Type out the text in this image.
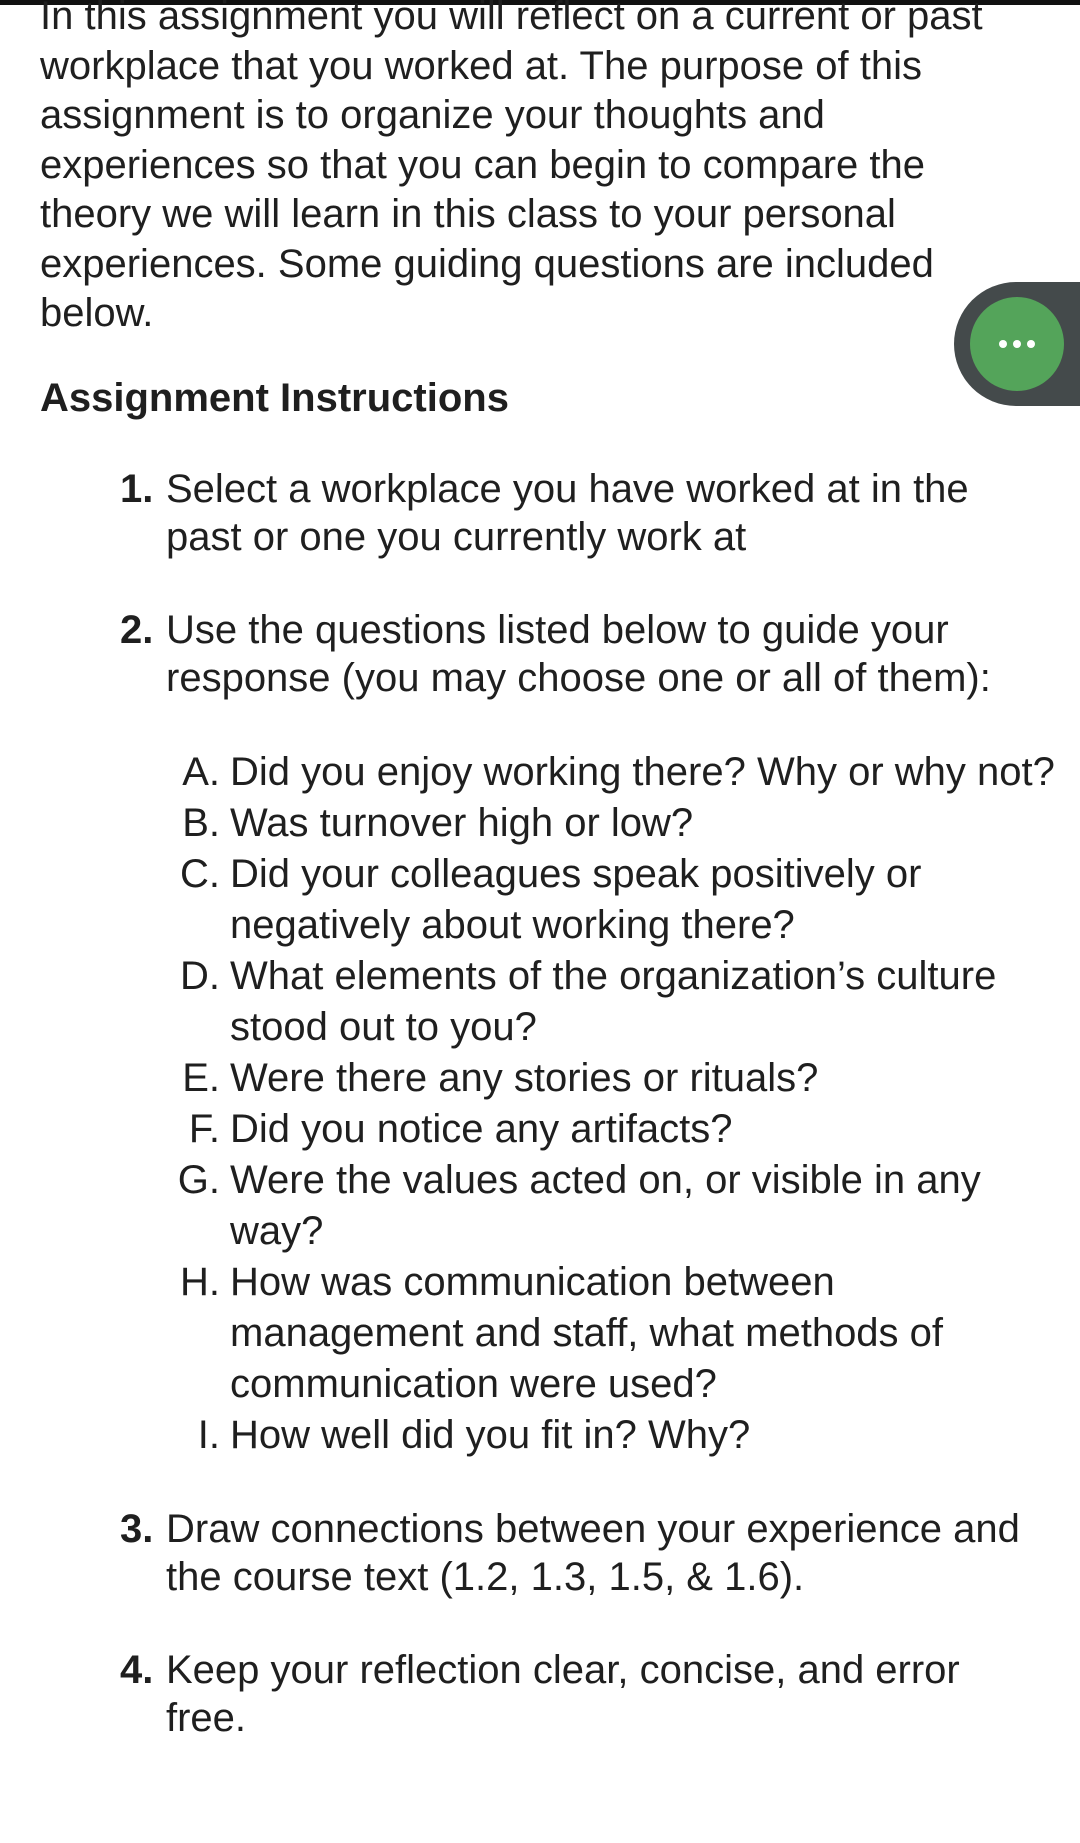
In this assignment you will reflect on a current or past workplace that you worked at. The purpose of this assignment is to organize your thoughts and experiences so that you can begin to compare the theory we will learn in this class to your personal experiences. Some guiding questions are included below.

Assignment Instructions
1. Select a workplace you have worked at in the past or one you currently work at
2. Use the questions listed below to guide your response (you may choose one or all of them):
A. Did you enjoy working there? Why or why not?
B. Was turnover high or low?
C. Did your colleagues speak positively or negatively about working there?
D. What elements of the organization’s culture stood out to you?
E. Were there any stories or rituals?
F. Did you notice any artifacts?
G. Were the values acted on, or visible in any way?
H. How was communication between management and staff, what methods of communication were used?
I. How well did you fit in? Why?
3. Draw connections between your experience and the course text (1.2, 1.3, 1.5, & 1.6).
4. Keep your reflection clear, concise, and error free.
